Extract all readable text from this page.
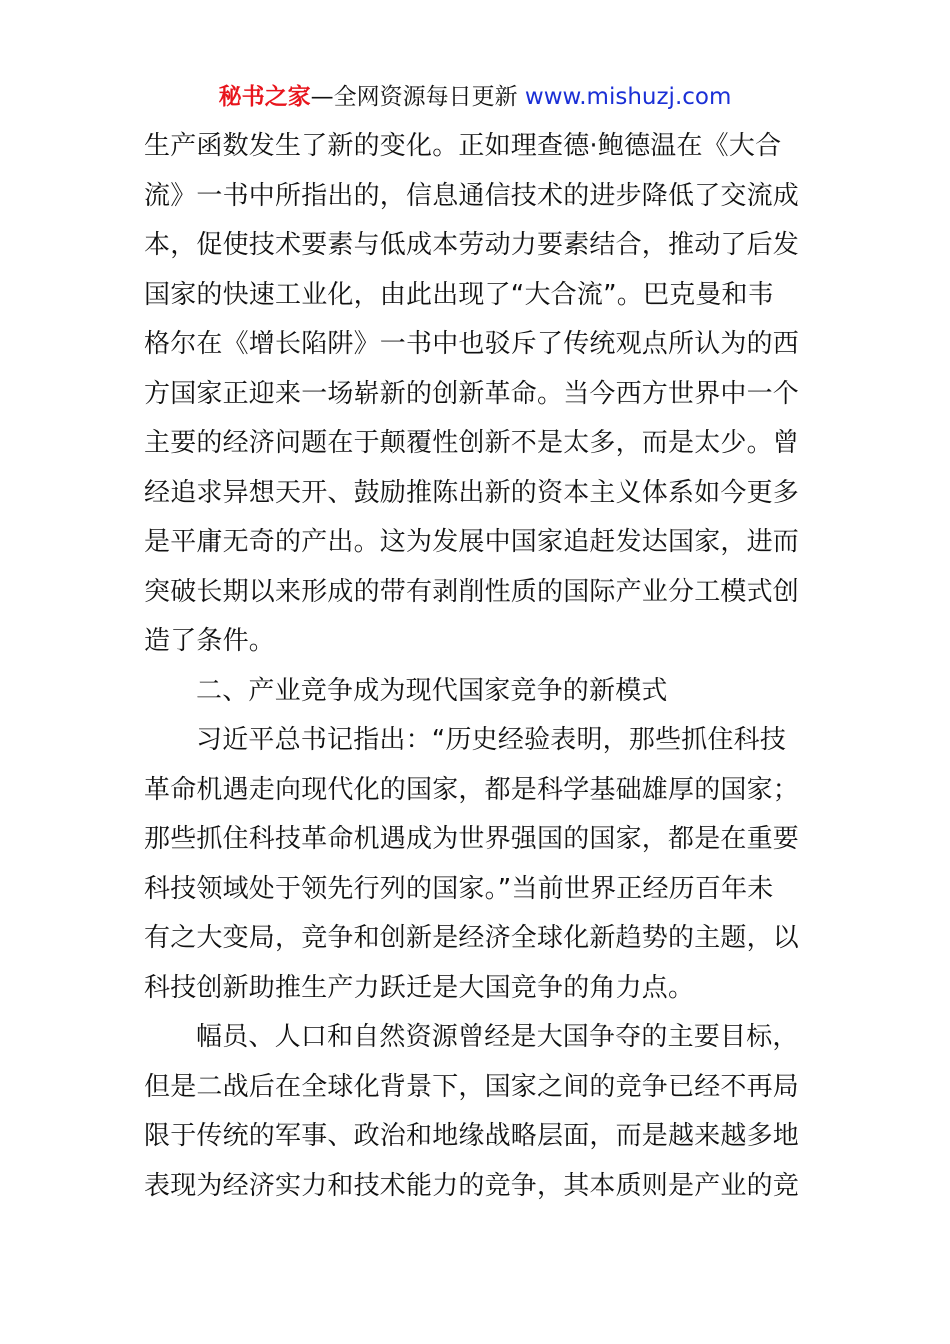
秘书之家—全网资源每日更新 www.mishuzj.com
生产函数发生了新的变化。正如理查德·鲍德温在《大合
流》一书中所指出的，信息通信技术的进步降低了交流成
本，促使技术要素与低成本劳动力要素结合，推动了后发
国家的快速工业化，由此出现了“大合流”。巴克曼和韦
格尔在《增长陷阱》一书中也驳斥了传统观点所认为的西
方国家正迎来一场崭新的创新革命。当今西方世界中一个
主要的经济问题在于颠覆性创新不是太多，而是太少。曾
经追求异想天开、鼓励推陈出新的资本主义体系如今更多
是平庸无奇的产出。这为发展中国家追赶发达国家，进而
突破长期以来形成的带有剥削性质的国际产业分工模式创
造了条件。
二、产业竞争成为现代国家竞争的新模式
习近平总书记指出：“历史经验表明，那些抓住科技
革命机遇走向现代化的国家，都是科学基础雄厚的国家；
那些抓住科技革命机遇成为世界强国的国家，都是在重要
科技领域处于领先行列的国家。”当前世界正经历百年未
有之大变局，竞争和创新是经济全球化新趋势的主题，以
科技创新助推生产力跃迁是大国竞争的角力点。
幅员、人口和自然资源曾经是大国争夺的主要目标，
但是二战后在全球化背景下，国家之间的竞争已经不再局
限于传统的军事、政治和地缘战略层面，而是越来越多地
表现为经济实力和技术能力的竞争，其本质则是产业的竞
